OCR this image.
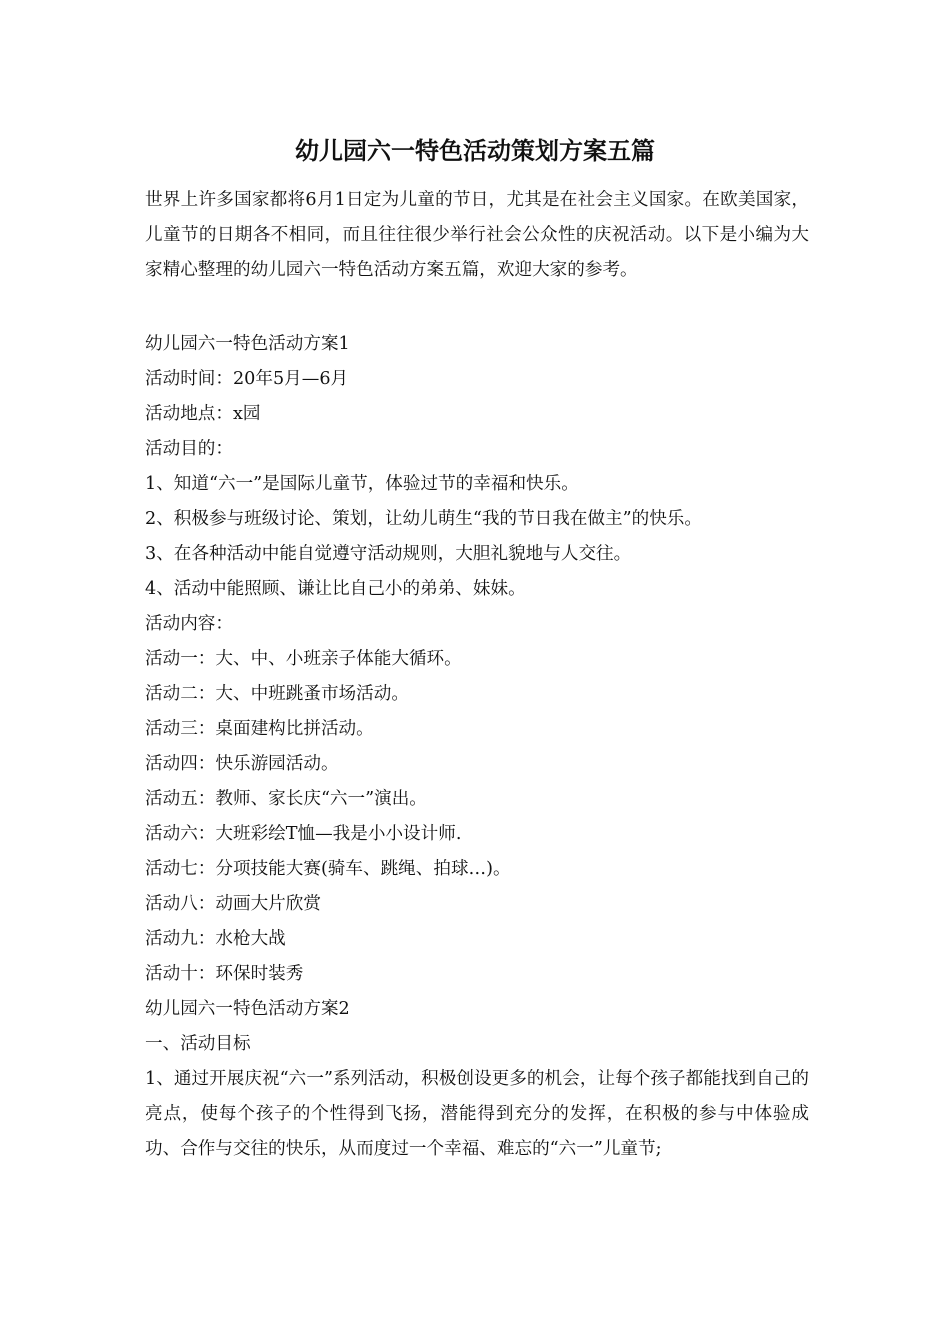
幼儿园六一特色活动策划方案五篇

世界上许多国家都将6月1日定为儿童的节日，尤其是在社会主义国家。在欧美国家，儿童节的日期各不相同，而且往往很少举行社会公众性的庆祝活动。以下是小编为大家精心整理的幼儿园六一特色活动方案五篇，欢迎大家的参考。

幼儿园六一特色活动方案1
活动时间：20年5月—6月
活动地点：x园
活动目的：
1、知道“六一”是国际儿童节，体验过节的幸福和快乐。
2、积极参与班级讨论、策划，让幼儿萌生“我的节日我在做主”的快乐。
3、在各种活动中能自觉遵守活动规则，大胆礼貌地与人交往。
4、活动中能照顾、谦让比自己小的弟弟、妹妹。
活动内容：
活动一：大、中、小班亲子体能大循环。
活动二：大、中班跳蚤市场活动。
活动三：桌面建构比拼活动。
活动四：快乐游园活动。
活动五：教师、家长庆“六一”演出。
活动六：大班彩绘T恤—我是小小设计师.
活动七：分项技能大赛(骑车、跳绳、拍球…)。
活动八：动画大片欣赏
活动九：水枪大战
活动十：环保时装秀
幼儿园六一特色活动方案2
一、活动目标

1、通过开展庆祝“六一”系列活动，积极创设更多的机会，让每个孩子都能找到自己的亮点，使每个孩子的个性得到飞扬，潜能得到充分的发挥，在积极的参与中体验成功、合作与交往的快乐，从而度过一个幸福、难忘的“六一”儿童节;
